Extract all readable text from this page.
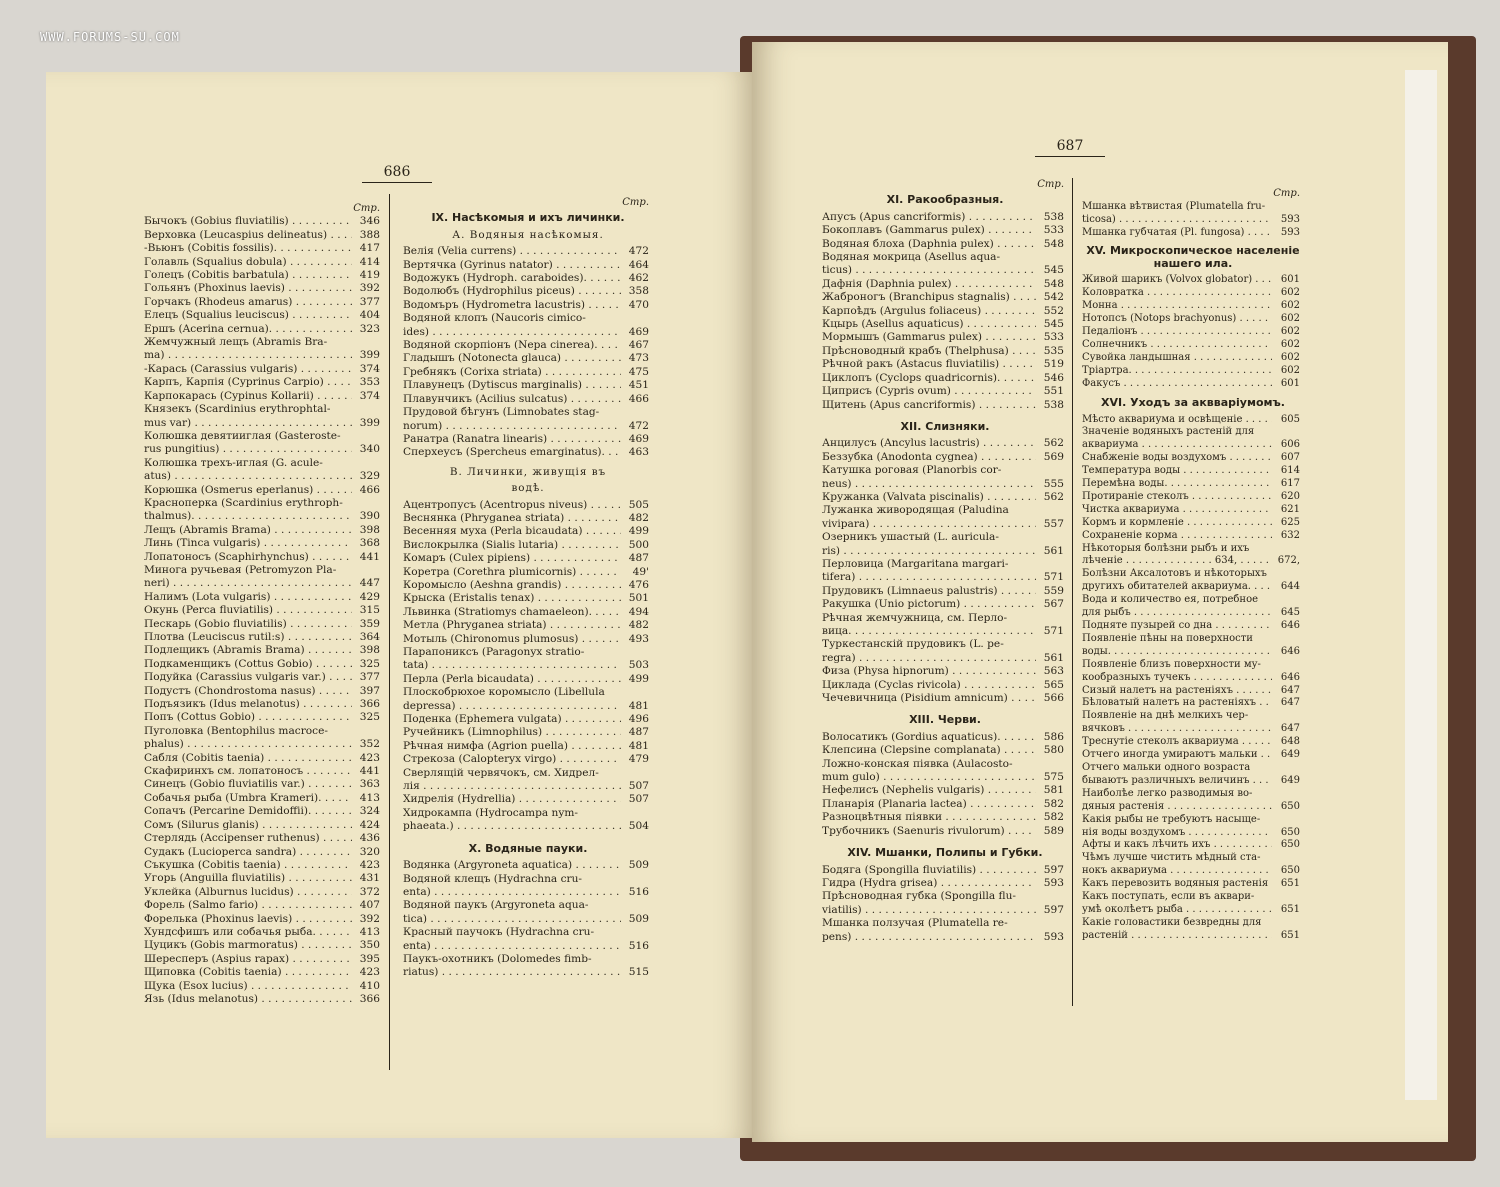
WWW.FORUMS-SU.COM
686
Стр.
Бычокъ (Gobius fluviatilis) . . . . . . .	346
Верховка (Leucaspius delineatus) . . .	388
-Вьюнъ (Cobitis fossilis). . . . . . . . . . .	417
Голавль (Squalius dobula) . . . . . . . .	414
Голецъ (Cobitis barbatula) . . . . . . .	419
Гольянъ (Phoxinus laevis) . . . . . . . .	392
Горчакъ (Rhodeus amarus) . . . . . . . .	377
Елецъ (Squalius leuciscus) . . . . . . . .	404
Ершъ (Acerina cernua). . . . . . . . . . .	323
Жемчужный лещъ (Abramis Bra-
ma) . . . . . . . . . . . . . . . . . . . . . . .	399
-Карась (Carassius vulgaris) . . . . . .	374
Карпъ, Карпія (Cyprinus Carpio) . . .	353
Карпокарась (Cypinus Kollarii) . . . .	374
Князекъ (Scardinius erythrophtal-
mus var) . . . . . . . . . . . . . . . . . . . .	399
Колюшка девятииглая (Gasteroste-
rus pungitius) . . . . . . . . . . . . . . .	340
Колюшка трехъ-иглая (G. acule-
atus) . . . . . . . . . . . . . . . . . . . . . .	329
Корюшка (Osmerus eperlanus) . . . . .	466
Красноперка (Scardinius erythroph-
thalmus). . . . . . . . . . . . . . . . . . . .	390
Лещъ (Abramis Brama) . . . . . . . . . .	398
Линь (Tinca vulgaris) . . . . . . . . . . .	368
Лопатоносъ (Scaphirhynchus) . . . . .	441
Минога ручьевая (Petromyzon Pla-
neri) . . . . . . . . . . . . . . . . . . . . . . .	447
Налимъ (Lota vulgaris) . . . . . . . . . .	429
Окунь (Perca fluviatilis) . . . . . . . . .	315
Пескарь (Gobio fluviatilis) . . . . . . .	359
Плотва (Leuciscus rutil:s) . . . . . . . .	364
Подлещикъ (Abramis Brama) . . . . . .	398
Подкаменщикъ (Cottus Gobio) . . . . .	325
Подуйка (Carassius vulgaris var.) . . .	377
Подустъ (Chondrostoma nasus) . . . . .	397
Подъязикъ (Idus melanotus) . . . . . . .	366
Попъ (Cottus Gobio) . . . . . . . . . . . .	325
Пуголовка (Bentophilus macroce-
phalus) . . . . . . . . . . . . . . . . . . . . .	352
Сабля (Cobitis taenia) . . . . . . . . . .	423
Скафиринхъ см. лопатоносъ . . . . . .	441
Синецъ (Gobio fluviatilis var.) . . . . .	363
Собачья рыба (Umbra Krameri). . . . .	413
Сопачъ (Percarine Demidoffii). . . . . .	324
Сомъ (Silurus glanis) . . . . . . . . . . .	424
Стерлядь (Accipenser ruthenus) . . . . .	436
Судакъ (Lucioperca sandra) . . . . . . .	320
Съкушка (Cobitis taenia) . . . . . . . . .	423
Угорь (Anguilla fluviatilis) . . . . . . . .	431
Уклейка (Alburnus lucidus) . . . . . . . .	372
Форель (Salmo fario) . . . . . . . . . . .	407
Форелька (Phoxinus laevis) . . . . . . . .	392
Хундсфишъ или собачья рыба. . . . . .	413
Цуцикъ (Gobis marmoratus) . . . . . . .	350
Шересперъ (Aspius rapax) . . . . . . . .	395
Щиповка (Cobitis taenia) . . . . . . . . .	423
Щука (Esox lucius) . . . . . . . . . . . . .	410
Язь (Idus melanotus) . . . . . . . . . . . .	366
Стр.
IX. Насѣкомыя и ихъ личинки.
А. Водяныя насѣкомыя.
Велія (Velia currens) . . . . . . . . . . . .	472
Вертячка (Gyrinus natator) . . . . . . . .	464
Водожукъ (Hydroph. caraboides). . . . .	462
Водолюбъ (Hydrophilus piceus) . . . . .	358
Водомъръ (Hydrometra lacustris) . . . .	470
Водяной клопъ (Naucoris cimico-
ides) . . . . . . . . . . . . . . . . . . . . . . .	469
Водяной скорпіонъ (Nepa cinerea). . . .	467
Гладышъ (Notonecta glauca) . . . . . . .	473
Гребнякъ (Corixa striata) . . . . . . . . .	475
Плавунецъ (Dytiscus marginalis) . . . . .	451
Плавунчикъ (Acilius sulcatus) . . . . . .	466
Прудовой бѣгунъ (Limnobates stag-
norum) . . . . . . . . . . . . . . . . . . . . .	472
Ранатра (Ranatra linearis) . . . . . . . .	469
Сперхеусъ (Spercheus emarginatus). . . .	463
В. Личинки, живущія въ
водѣ.
Ацентропусъ (Acentropus niveus) . . . .	505
Веснянка (Phryganea striata) . . . . . . .	482
Весенняя муха (Perla bicaudata) . . . . .	499
Вислокрылка (Sialis lutaria) . . . . . . .	500
Комаръ (Culex pipiens) . . . . . . . . . .	487
Коретра (Corethra plumicornis) . . . . .	49'
Коромысло (Aeshna grandis) . . . . . . .	476
Крыска (Eristalis tenax) . . . . . . . . .	501
Львинка (Stratiomys chamaeleon). . . . .	494
Метла (Phryganea striata) . . . . . . . .	482
Мотыль (Chironomus plumosus) . . . . .	493
Парапониксъ (Paragonyx stratio-
tata) . . . . . . . . . . . . . . . . . . . . . . .	503
Перла (Perla bicaudata) . . . . . . . . . .	499
Плоскобрюхое коромысло (Libellula
depressa) . . . . . . . . . . . . . . . . . . .	481
Поденка (Ephemera vulgata) . . . . . . . .	496
Ручейникъ (Limnophilus) . . . . . . . . .	487
Рѣчная нимфа (Agrion puella) . . . . . .	481
Стрекоза (Calopteryx virgo) . . . . . . . .	479
Сверлящій червячокъ, см. Хидрел-
лія . . . . . . . . . . . . . . . . . . . . . . . .	507
Хидрелія (Hydrellia) . . . . . . . . . . . . .	507
Хидрокампа (Hydrocampa nym-
phaeata.) . . . . . . . . . . . . . . . . . . .	504
X. Водяные пауки.
Водянка (Argyroneta aquatica) . . . . . .	509
Водяной клещъ (Hydrachna cru-
enta) . . . . . . . . . . . . . . . . . . . . . .	516
Водяной паукъ (Argyroneta aqua-
tica) . . . . . . . . . . . . . . . . . . . . . . .	509
Красный паучокъ (Hydrachna cru-
enta) . . . . . . . . . . . . . . . . . . . . . .	516
Паукъ-охотникъ (Dolomedes fimb-
riatus) . . . . . . . . . . . . . . . . . . . . .	515
687
Стр.
XI. Ракообразныя.
Апусъ (Apus cancriformis) . . . . . . .	538
Бокоплавъ (Gammarus pulex) . . . . . .	533
Водяная блоха (Daphnia pulex) . . . . .	548
Водяная мокрица (Asellus aqua-
ticus) . . . . . . . . . . . . . . . . . . . . .	545
Дафнія (Daphnia pulex) . . . . . . . . . .	548
Жаброногъ (Branchipus stagnalis) . . .	542
Карпоѣдъ (Argulus foliaceus) . . . . . .	552
Кцырь (Asellus aquaticus) . . . . . . . .	545
Мормышъ (Gammarus pulex) . . . . . . .	533
Прѣсноводный крабъ (Thelphusa) . . .	535
Рѣчной ракъ (Astacus fluviatilis) . . .	519
Циклопъ (Cyclops quadricornis). . . .	546
Циприсъ (Cypris ovum) . . . . . . . . .	551
Щитень (Apus cancriformis) . . . . . .	538
XII. Слизняки.
Анцилусъ (Ancylus lacustris) . . . . . .	562
Беззубка (Anodonta cygnea) . . . . . .	569
Катушка роговая (Planorbis cor-
neus) . . . . . . . . . . . . . . . . . . . . .	555
Кружанка (Valvata piscinalis) . . . . . .	562
Лужанка живородящая (Paludina
vivipara) . . . . . . . . . . . . . . . . . . .	557
Озерникъ ушастый (L. auricula-
ris) . . . . . . . . . . . . . . . . . . . . . . .	561
Перловица (Margaritana margari-
tifera) . . . . . . . . . . . . . . . . . . . . .	571
Прудовикъ (Limnaeus palustris) . . . . .	559
Ракушка (Unio pictorum) . . . . . . . .	567
Рѣчная жемчужница, см. Перло-
вица. . . . . . . . . . . . . . . . . . . . . .	571
Туркестанскій прудовикъ (L. pe-
regra) . . . . . . . . . . . . . . . . . . . . .	561
Физа (Physa hipnorum) . . . . . . . . . .	563
Циклада (Cyclas rivicola) . . . . . . . .	565
Чечевичница (Pisidium amnicum) . . . .	566
XIII. Черви.
Волосатикъ (Gordius aquaticus). . . . .	586
Клепсина (Clepsine complanata) . . . .	580
Ложно-конская піявка (Aulacosto-
mum gulo) . . . . . . . . . . . . . . . . . .	575
Нефелисъ (Nephelis vulgaris) . . . . . .	581
Планарія (Planaria lactea) . . . . . . . .	582
Разноцвѣтныя піявки . . . . . . . . . . .	582
Трубочникъ (Saenuris rivulorum) . . . .	589
XIV. Мшанки, Полипы и Губки.
Бодяга (Spongilla fluviatilis) . . . . . .	597
Гидра (Hydra grisea) . . . . . . . . . . .	593
Прѣсноводная губка (Spongilla flu-
viatilis) . . . . . . . . . . . . . . . . . . . .	597
Мшанка ползучая (Plumatella re-
pens) . . . . . . . . . . . . . . . . . . . . . .	593
Стр.
Мшанка вѣтвистая (Plumatella fru-
ticosa) . . . . . . . . . . . . . . . . . . . . .	593
Мшанка губчатая (Pl. fungosa) . . . . .	593
XV. Микроскопическое населеніе нашего ила.
Живой шарикъ (Volvox globator) . . . .	601
Коловратка . . . . . . . . . . . . . . . . . .	602
Монна . . . . . . . . . . . . . . . . . . . . . .	602
Нотопсъ (Notops brachyonus) . . . . . .	602
Педаліонъ . . . . . . . . . . . . . . . . . . .	602
Солнечникъ . . . . . . . . . . . . . . . . . .	602
Сувойка ландышная . . . . . . . . . . . .	602
Тріартра. . . . . . . . . . . . . . . . . . . . .	602
Факусъ . . . . . . . . . . . . . . . . . . . . . .	601
XVI. Уходъ за аквваріумомъ.
Мѣсто аквариума и освѣщеніе . . . . .	605
Значеніе водяныхъ растеній для
аквариума . . . . . . . . . . . . . . . . . . .	606
Снабженіе воды воздухомъ . . . . . . .	607
Температура воды . . . . . . . . . . . . .	614
Перемѣна воды. . . . . . . . . . . . . . . .	617
Протираніе стеколъ . . . . . . . . . . . .	620
Чистка аквариума . . . . . . . . . . . . .	621
Кормъ и кормленіе . . . . . . . . . . . .	625
Сохраненіе корма . . . . . . . . . . . . .	632
Нѣкоторыя болѣзни рыбъ и ихъ
лѣченіе . . . . . . . . . . . . . . 634, . . .	672,
Болѣзни Аксалотовъ и нѣкоторыхъ
другихъ обитателей аквариума. . . .	644
Вода и количество ея, потребное
для рыбъ . . . . . . . . . . . . . . . . . . .	645
Подняте пузырей со дна . . . . . . . .	646
Появленіе пѣны на поверхности
воды. . . . . . . . . . . . . . . . . . . . . . .	646
Появленіе близъ поверхности му-
кообразныхъ тучекъ . . . . . . . . . . .	646
Сизый налетъ на растеніяхъ . . . . . .	647
Бѣловатый налетъ на растеніяхъ . . .	647
Появленіе на днѣ мелкихъ чер-
вячковъ . . . . . . . . . . . . . . . . . . . .	647
Треснутіе стеколъ аквариума . . . . . .	648
Отчего иногда умираютъ мальки . . . .	649
Отчего мальки одного возраста
бываютъ различныхъ величинъ . . .	649
Наиболѣе легко разводимыя во-
дяныя растенія . . . . . . . . . . . . . . .	650
Какія рыбы не требуютъ насыще-
нія воды воздухомъ . . . . . . . . . . .	650
Афты и какъ лѣчить ихъ . . . . . . . .	650
Чѣмъ лучше чистить мѣдный ста-
нокъ аквариума . . . . . . . . . . . . . .	650
Какъ перевозить водяныя растенія . . .	651
Какъ поступать, если въ аквари-
умѣ околѣетъ рыба . . . . . . . . . . .	651
Какіе головастики безвредны для
растеній . . . . . . . . . . . . . . . . . . .	651
